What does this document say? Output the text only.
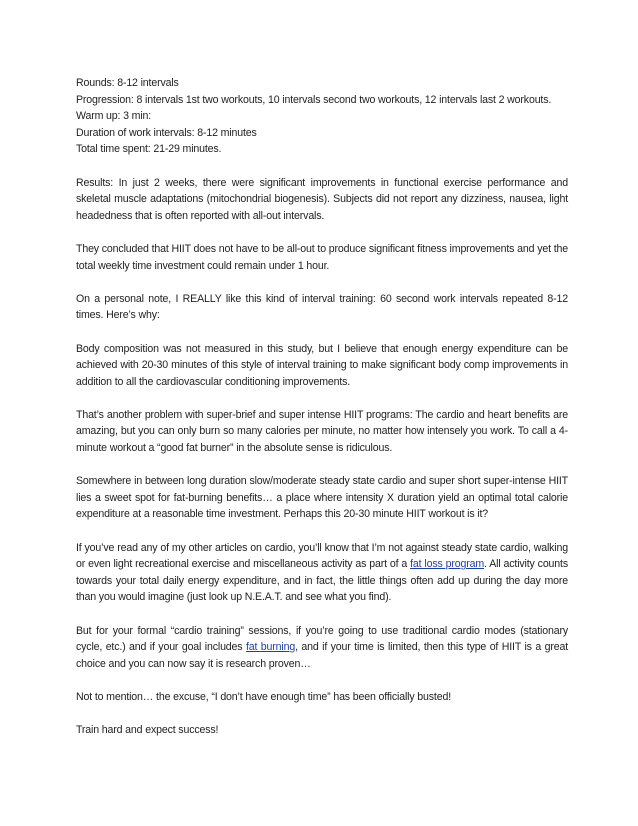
Rounds: 8-12 intervals
Progression: 8 intervals 1st two workouts, 10 intervals second two workouts, 12 intervals last 2 workouts.
Warm up: 3 min:
Duration of work intervals: 8-12 minutes
Total time spent: 21-29 minutes.

Results: In just 2 weeks, there were significant improvements in functional exercise performance and skeletal muscle adaptations (mitochondrial biogenesis). Subjects did not report any dizziness, nausea, light headedness that is often reported with all-out intervals.

They concluded that HIIT does not have to be all-out to produce significant fitness improvements and yet the total weekly time investment could remain under 1 hour.

On a personal note, I REALLY like this kind of interval training: 60 second work intervals repeated 8-12 times. Here’s why:

Body composition was not measured in this study, but I believe that enough energy expenditure can be achieved with 20-30 minutes of this style of interval training to make significant body comp improvements in addition to all the cardiovascular conditioning improvements.

That’s another problem with super-brief and super intense HIIT programs: The cardio and heart benefits are amazing, but you can only burn so many calories per minute, no matter how intensely you work. To call a 4-minute workout a “good fat burner” in the absolute sense is ridiculous.

Somewhere in between long duration slow/moderate steady state cardio and super short super-intense HIIT lies a sweet spot for fat-burning benefits… a place where intensity X duration yield an optimal total calorie expenditure at a reasonable time investment. Perhaps this 20-30 minute HIIT workout is it?

If you’ve read any of my other articles on cardio, you’ll know that I’m not against steady state cardio, walking or even light recreational exercise and miscellaneous activity as part of a fat loss program. All activity counts towards your total daily energy expenditure, and in fact, the little things often add up during the day more than you would imagine (just look up N.E.A.T. and see what you find).

But for your formal “cardio training” sessions, if you’re going to use traditional cardio modes (stationary cycle, etc.) and if your goal includes fat burning, and if your time is limited, then this type of HIIT is a great choice and you can now say it is research proven…

Not to mention… the excuse, “I don’t have enough time” has been officially busted!

Train hard and expect success!
